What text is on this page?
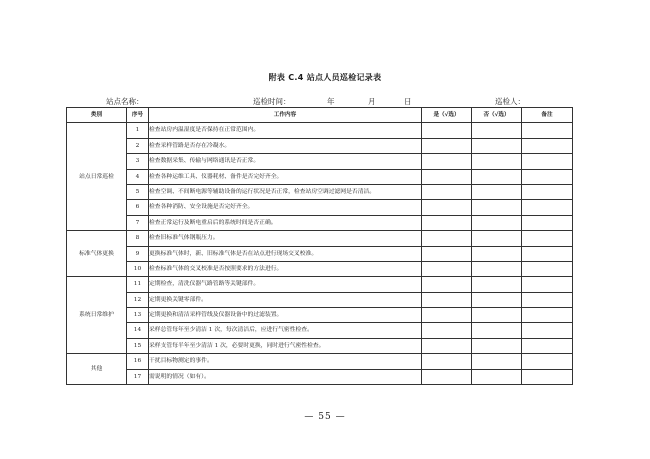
附表 C.4 站点人员巡检记录表
站点名称：	巡检时间：	年	月	日	巡检人：
类别	序号	工作内容	是（√选）	否（√选）	备注
站点日常巡检	1	检查站房内温湿度是否保持在正常范围内。			
	2	检查采样管路是否存在冷凝水。			
	3	检查数据采集、传输与网络通讯是否正常。			
	4	检查各种运维工具、仪器耗材、备件是否完好齐全。			
	5	检查空调、不间断电源等辅助设备的运行状况是否正常，检查站房空调过滤网是否清洁。			
	6	检查各种消防、安全设施是否完好齐全。			
	7	检查正常运行及断电重启后的系统时间是否正确。			
标准气体更换	8	检查旧标准气体钢瓶压力。			
	9	更换标准气体时，新、旧标准气体是否在站点进行现场交叉校准。			
	10	检查标准气体的交叉校准是否按照要求的方法进行。			
系统日常维护	11	定期检查，清洗仪器气路管路等关键部件。			
	12	定期更换关键零部件。			
	13	定期更换和清洁采样管线及仪器设备中的过滤装置。			
	14	采样总管每年至少清洁 1 次，每次清洁后，应进行气密性检查。			
	15	采样支管每半年至少清洁 1 次，必要时更换，同时进行气密性检查。			
其他	16	干扰目标物测定的事件。			
	17	需说明的情况（如有）。			
— 55 —
